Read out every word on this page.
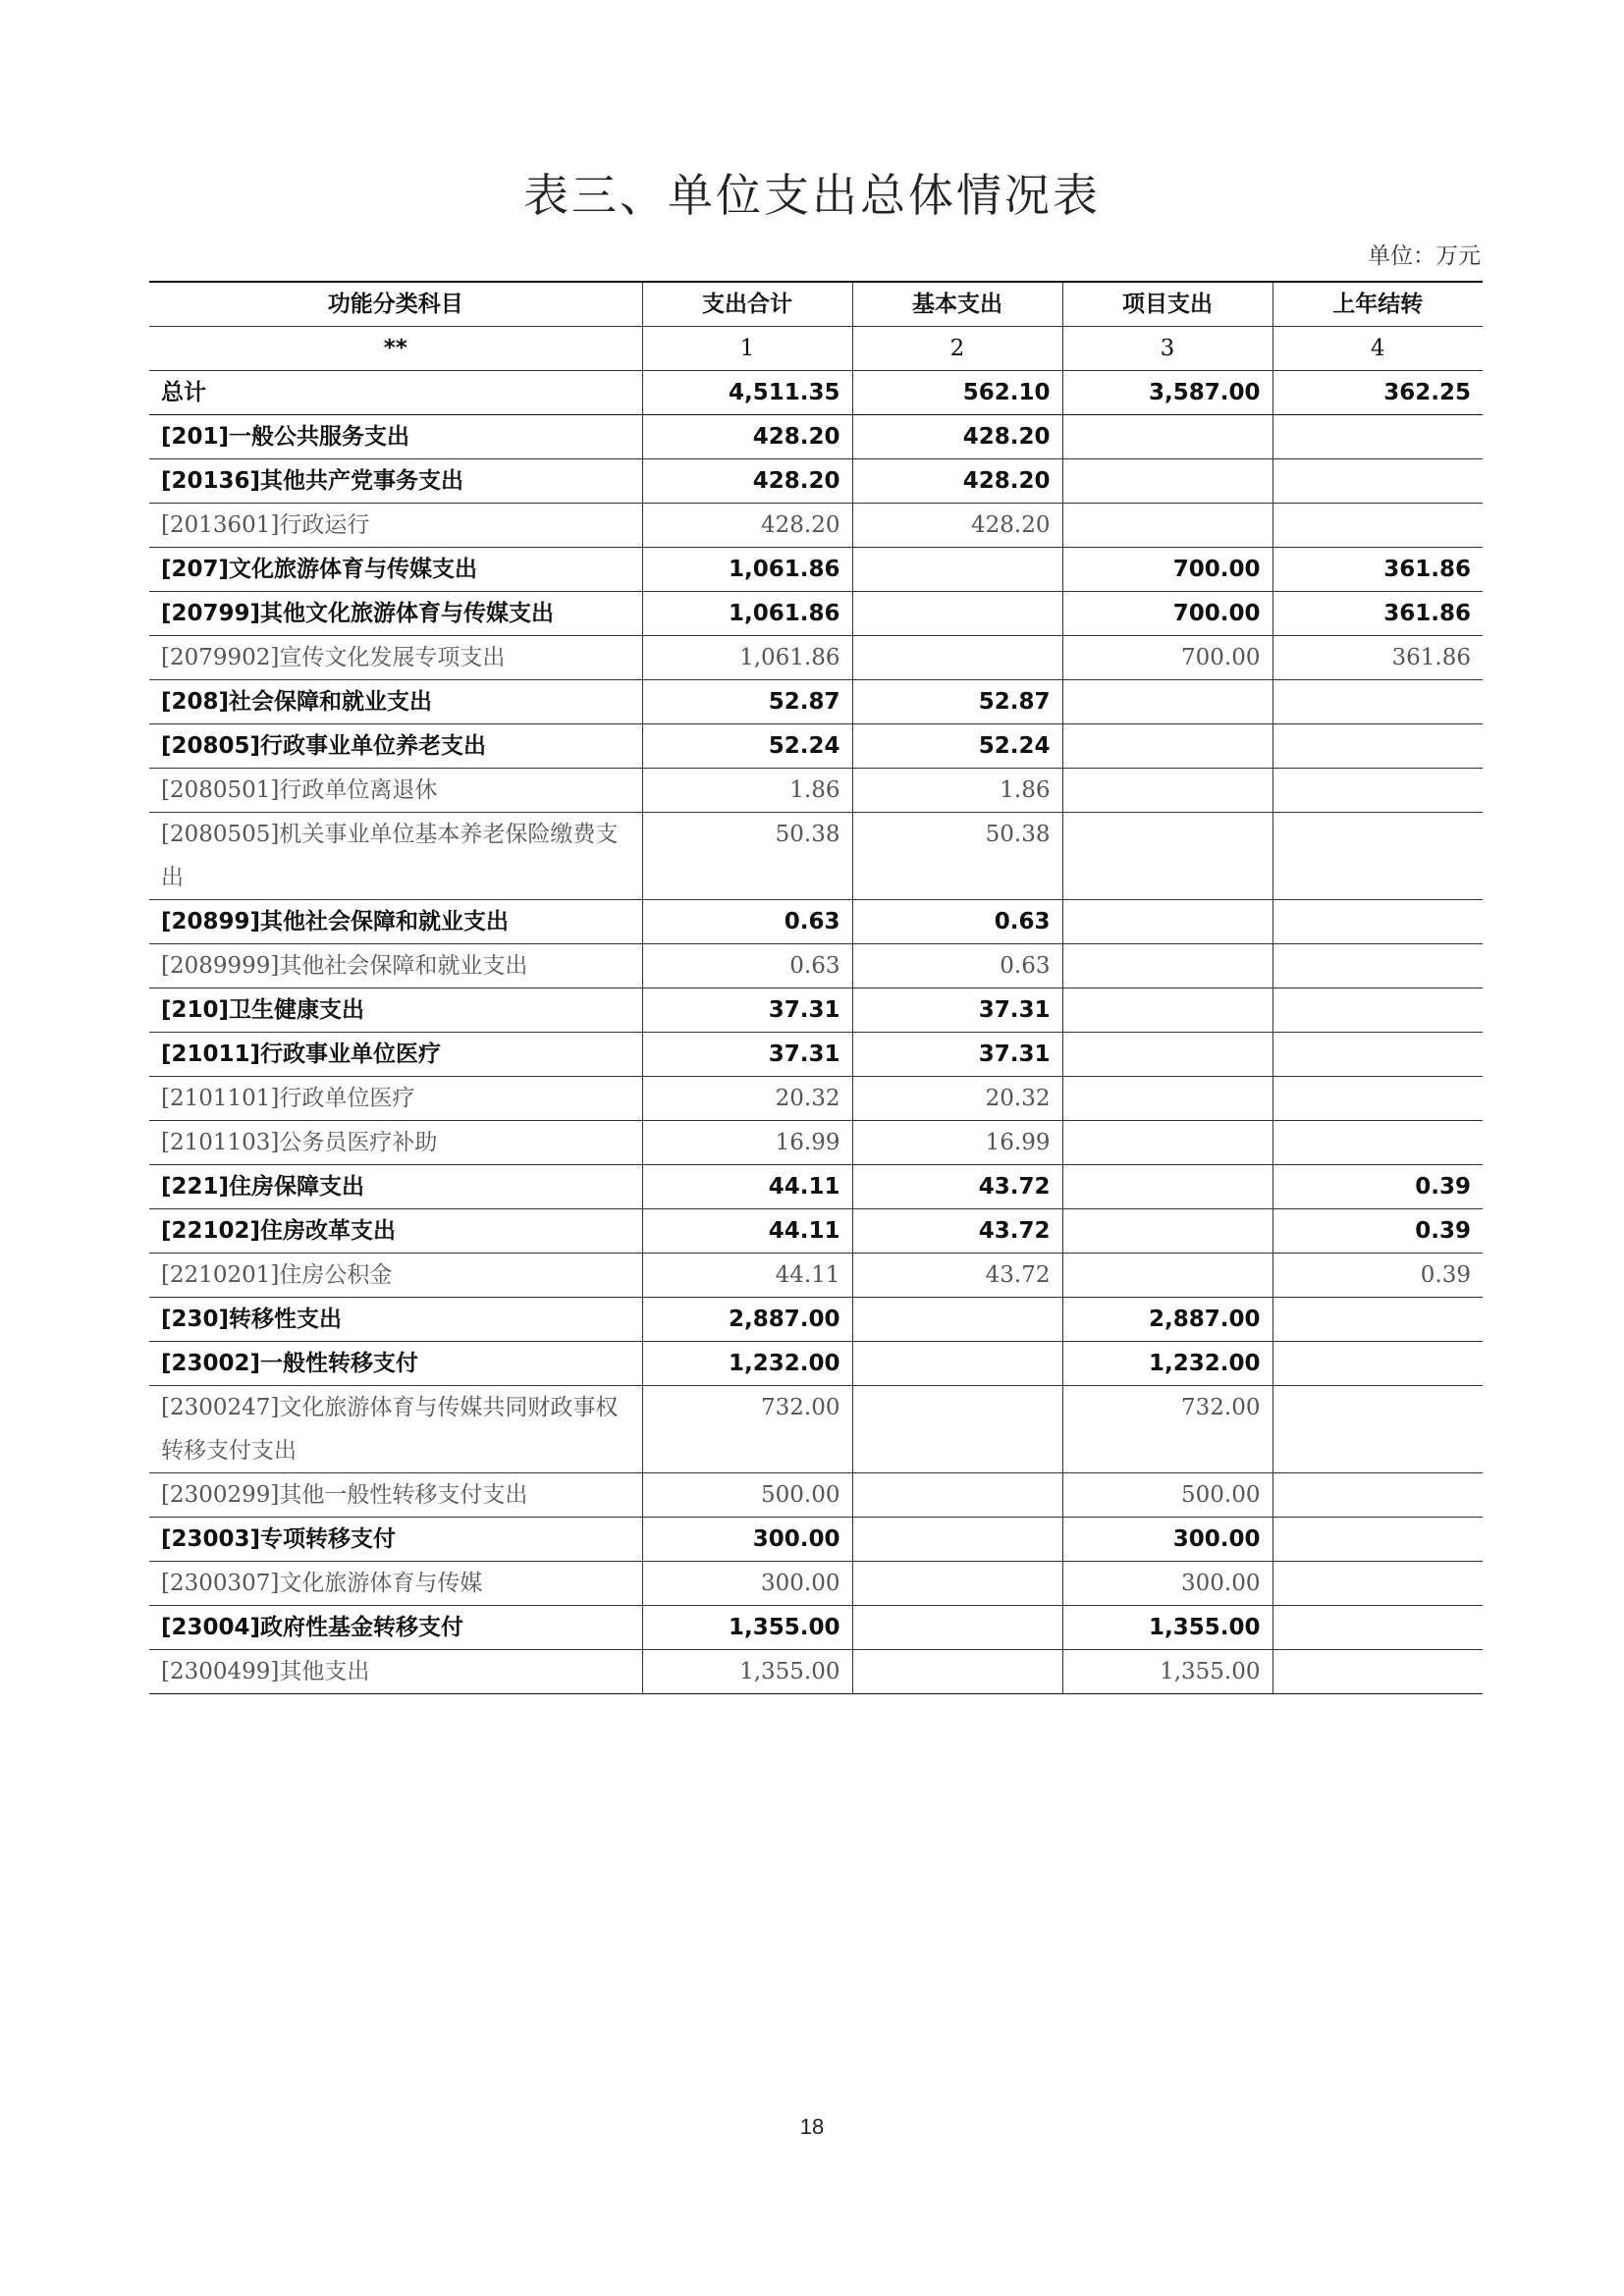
表三、单位支出总体情况表
单位：万元
功能分类科目	支出合计	基本支出	项目支出	上年结转
**	1	2	3	4
总计	4,511.35	562.10	3,587.00	362.25
[201]一般公共服务支出	428.20	428.20		
[20136]其他共产党事务支出	428.20	428.20		
[2013601]行政运行	428.20	428.20		
[207]文化旅游体育与传媒支出	1,061.86		700.00	361.86
[20799]其他文化旅游体育与传媒支出	1,061.86		700.00	361.86
[2079902]宣传文化发展专项支出	1,061.86		700.00	361.86
[208]社会保障和就业支出	52.87	52.87		
[20805]行政事业单位养老支出	52.24	52.24		
[2080501]行政单位离退休	1.86	1.86		
[2080505]机关事业单位基本养老保险缴费支出	50.38	50.38		
[20899]其他社会保障和就业支出	0.63	0.63		
[2089999]其他社会保障和就业支出	0.63	0.63		
[210]卫生健康支出	37.31	37.31		
[21011]行政事业单位医疗	37.31	37.31		
[2101101]行政单位医疗	20.32	20.32		
[2101103]公务员医疗补助	16.99	16.99		
[221]住房保障支出	44.11	43.72		0.39
[22102]住房改革支出	44.11	43.72		0.39
[2210201]住房公积金	44.11	43.72		0.39
[230]转移性支出	2,887.00		2,887.00	
[23002]一般性转移支付	1,232.00		1,232.00	
[2300247]文化旅游体育与传媒共同财政事权转移支付支出	732.00		732.00	
[2300299]其他一般性转移支付支出	500.00		500.00	
[23003]专项转移支付	300.00		300.00	
[2300307]文化旅游体育与传媒	300.00		300.00	
[23004]政府性基金转移支付	1,355.00		1,355.00	
[2300499]其他支出	1,355.00		1,355.00	
18
